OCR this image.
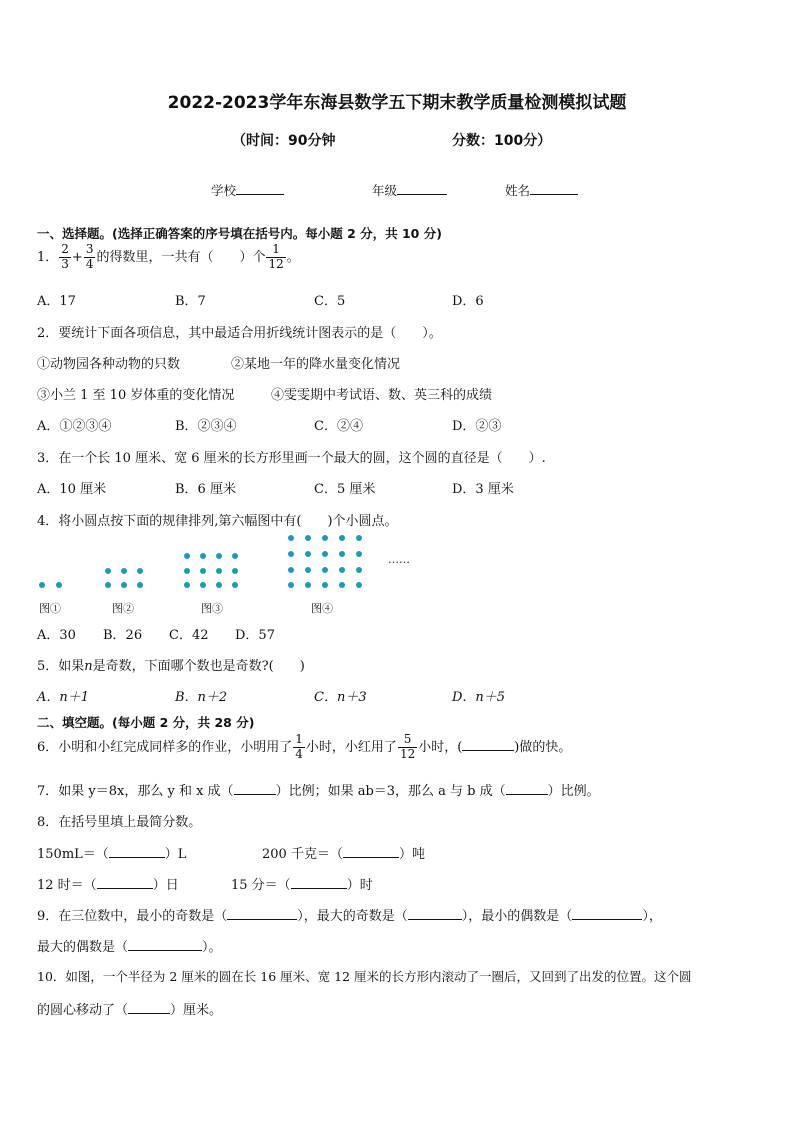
2022-2023学年东海县数学五下期末教学质量检测模拟试题
（时间：90分钟	分数：100分）
学校	年级	姓名
一、选择题。(选择正确答案的序号填在括号内。每小题 2 分，共 10 分)
1． $\frac{2}{3} + \frac{3}{4}$ 的得数里，一共有（　　）个 $\frac{1}{12}$ 。
A．17	B．7	C．5	D．6
2．要统计下面各项信息，其中最适合用折线统计图表示的是（　　）。
①动物园各种动物的只数	②某地一年的降水量变化情况
③小兰 1 至 10 岁体重的变化情况	④雯雯期中考试语、数、英三科的成绩
A．①②③④	B．②③④	C．②④	D．②③
3．在一个长 10 厘米、宽 6 厘米的长方形里画一个最大的圆，这个圆的直径是（　　）.
A．10 厘米	B．6 厘米	C．5 厘米	D．3 厘米
4．将小圆点按下面的规律排列,第六幅图中有(　　)个小圆点。
……
图①	图②	图③	图④
A．30 B．26 C．42 D．57
5．如果n是奇数，下面哪个数也是奇数?(　　)
A．n＋1	B．n＋2	C．n＋3	D．n＋5
二、填空题。(每小题 2 分，共 28 分)
6．小明和小红完成同样多的作业，小明用了 $\frac{1}{4}$ 小时，小红用了 $\frac{5}{12}$ 小时，(	)做的快。
7．如果 y＝8x，那么 y 和 x 成（	）比例；如果 ab＝3，那么 a 与 b 成（	）比例。
8．在括号里填上最简分数。
150mL＝（	）L	200 千克＝（	）吨
12 时＝（	）日	15 分＝（	）时
9．在三位数中，最小的奇数是（	），最大的奇数是（	），最小的偶数是（	），
最大的偶数是（	）。
10．如图，一个半径为 2 厘米的圆在长 16 厘米、宽 12 厘米的长方形内滚动了一圈后，又回到了出发的位置。这个圆
的圆心移动了（	）厘米。
